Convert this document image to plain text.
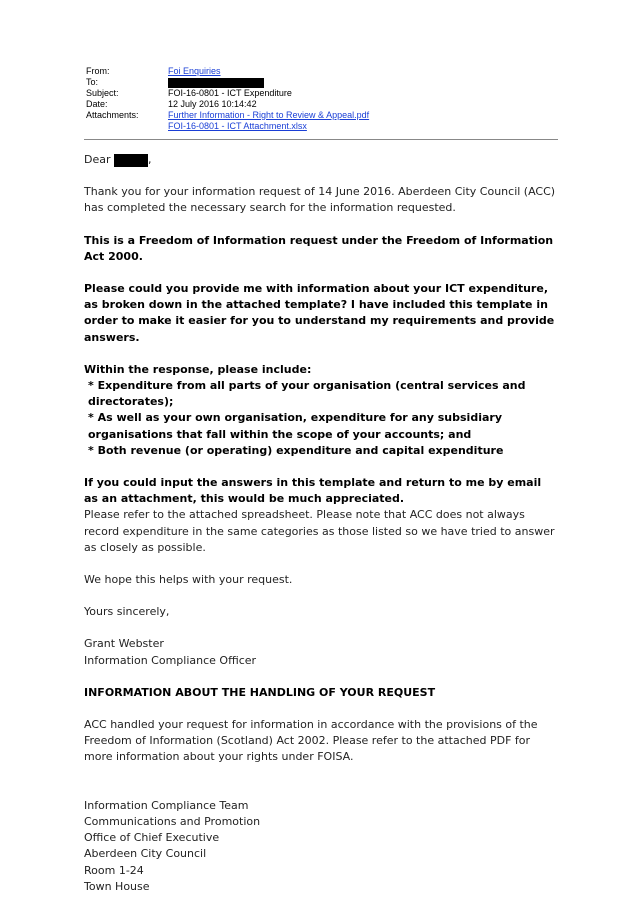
From:	Foi Enquiries
To:
Subject:	FOI-16-0801 - ICT Expenditure
Date:	12 July 2016 10:14:42
Attachments:	Further Information - Right to Review & Appeal.pdf
FOI-16-0801 - ICT Attachment.xlsx

Dear	,

Thank you for your information request of 14 June 2016. Aberdeen City Council (ACC) has completed the necessary search for the information requested.

This is a Freedom of Information request under the Freedom of Information Act 2000.

Please could you provide me with information about your ICT expenditure, as broken down in the attached template? I have included this template in order to make it easier for you to understand my requirements and provide answers.

Within the response, please include:

* Expenditure from all parts of your organisation (central services and directorates);

* As well as your own organisation, expenditure for any subsidiary organisations that fall within the scope of your accounts; and

* Both revenue (or operating) expenditure and capital expenditure

If you could input the answers in this template and return to me by email as an attachment, this would be much appreciated.

Please refer to the attached spreadsheet. Please note that ACC does not always record expenditure in the same categories as those listed so we have tried to answer as closely as possible.

We hope this helps with your request.

Yours sincerely,

Grant Webster

Information Compliance Officer

INFORMATION ABOUT THE HANDLING OF YOUR REQUEST

ACC handled your request for information in accordance with the provisions of the Freedom of Information (Scotland) Act 2002. Please refer to the attached PDF for more information about your rights under FOISA.

Information Compliance Team

Communications and Promotion

Office of Chief Executive

Aberdeen City Council

Room 1-24

Town House
